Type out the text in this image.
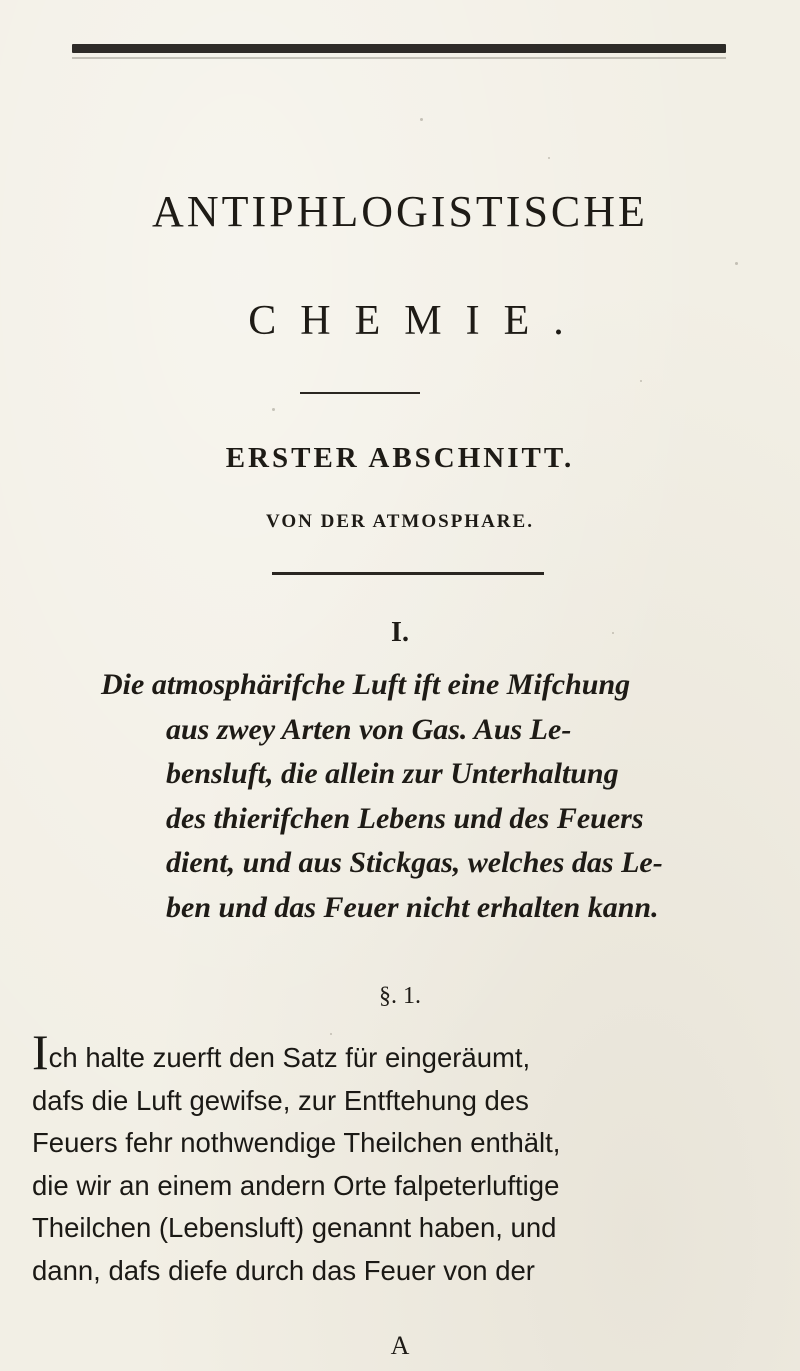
ANTIPHLOGISTISCHE
CHEMIE.
ERSTER ABSCHNITT.
VON DER ATMOSPHARE.
I.
Die atmosphärifche Luft ift eine Mifchung
aus zwey Arten von Gas. Aus Le-
bensluft, die allein zur Unterhaltung
des thierifchen Lebens und des Feuers
dient, und aus Stickgas, welches das Le-
ben und das Feuer nicht erhalten kann.
§. 1.
Ich halte zuerft den Satz für eingeräumt,
dafs die Luft gewifse, zur Entftehung des
Feuers fehr nothwendige Theilchen enthält,
die wir an einem andern Orte falpeterluftige
Theilchen (Lebensluft) genannt haben, und
dann, dafs diefe durch das Feuer von der
A
